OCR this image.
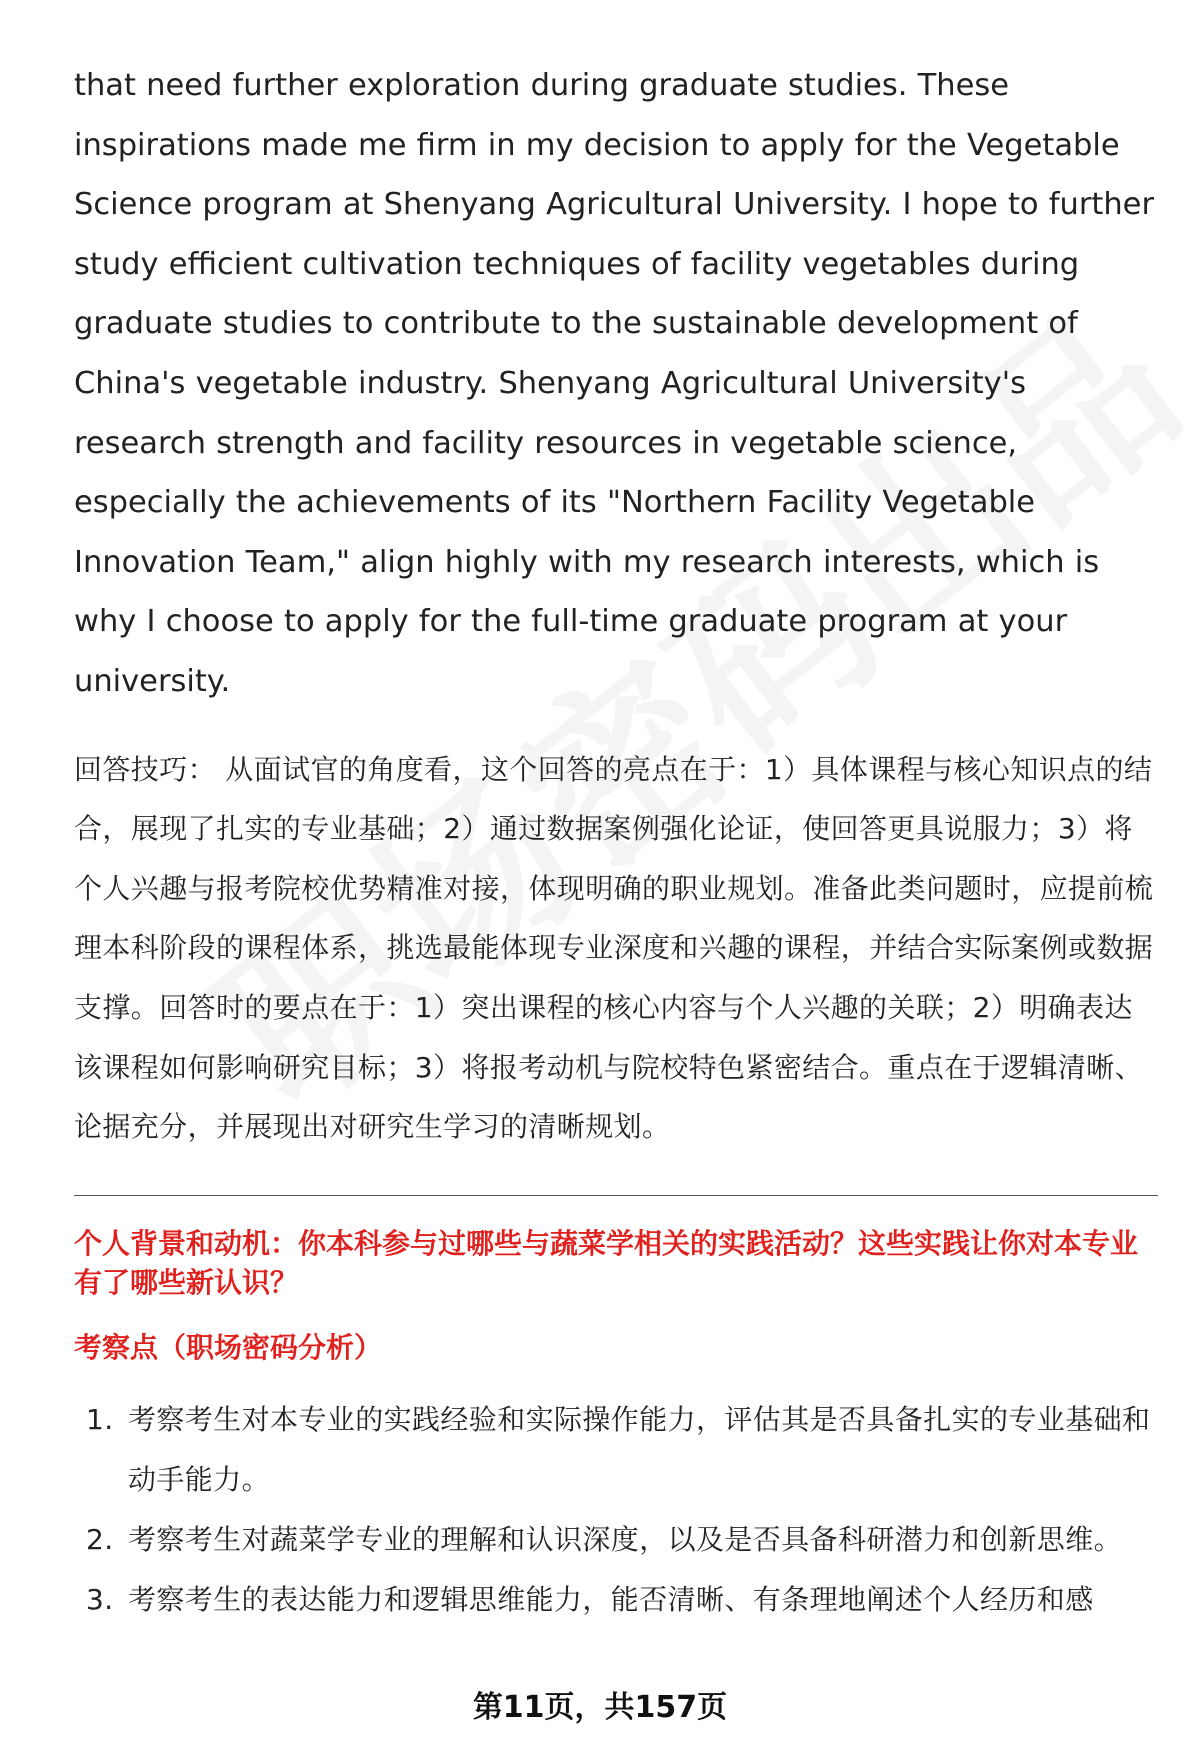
that need further exploration during graduate studies. These inspirations made me firm in my decision to apply for the Vegetable Science program at Shenyang Agricultural University. I hope to further study efficient cultivation techniques of facility vegetables during graduate studies to contribute to the sustainable development of China's vegetable industry. Shenyang Agricultural University's research strength and facility resources in vegetable science, especially the achievements of its "Northern Facility Vegetable Innovation Team," align highly with my research interests, which is why I choose to apply for the full-time graduate program at your university.

回答技巧： 从面试官的角度看，这个回答的亮点在于：1）具体课程与核心知识点的结合，展现了扎实的专业基础；2）通过数据案例强化论证，使回答更具说服力；3）将个人兴趣与报考院校优势精准对接，体现明确的职业规划。准备此类问题时，应提前梳理本科阶段的课程体系，挑选最能体现专业深度和兴趣的课程，并结合实际案例或数据支撑。回答时的要点在于：1）突出课程的核心内容与个人兴趣的关联；2）明确表达该课程如何影响研究目标；3）将报考动机与院校特色紧密结合。重点在于逻辑清晰、论据充分，并展现出对研究生学习的清晰规划。

个人背景和动机：你本科参与过哪些与蔬菜学相关的实践活动？这些实践让你对本专业有了哪些新认识？

考察点（职场密码分析）

1. 考察考生对本专业的实践经验和实际操作能力，评估其是否具备扎实的专业基础和动手能力。
2. 考察考生对蔬菜学专业的理解和认识深度，以及是否具备科研潜力和创新思维。
3. 考察考生的表达能力和逻辑思维能力，能否清晰、有条理地阐述个人经历和感
第11页，共157页
